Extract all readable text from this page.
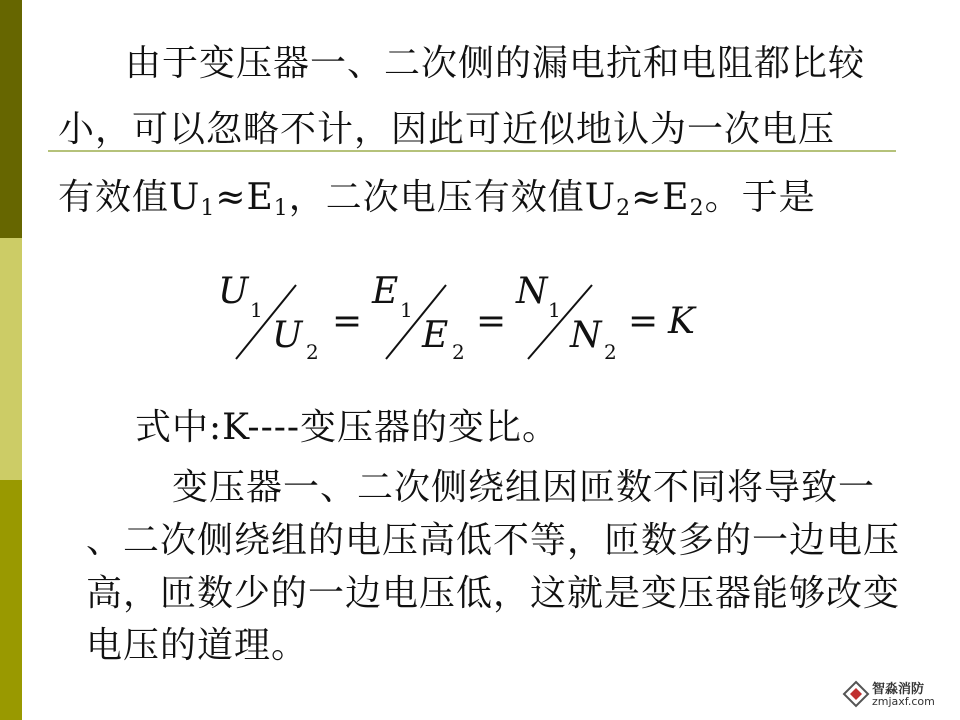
由于变压器一、二次侧的漏电抗和电阻都比较
小，可以忽略不计，因此可近似地认为一次电压
有效值$U_1\approx E_1$，二次电压有效值$U_2\approx E_2$。于是
U 1
U 2
=
E 1
E 2
=
N 1
N 2
= K
式中:K----变压器的变比。
变压器一、二次侧绕组因匝数不同将导致一
、二次侧绕组的电压高低不等，匝数多的一边电压
高，匝数少的一边电压低，这就是变压器能够改变
电压的道理。
智淼消防
zmjaxf.com
